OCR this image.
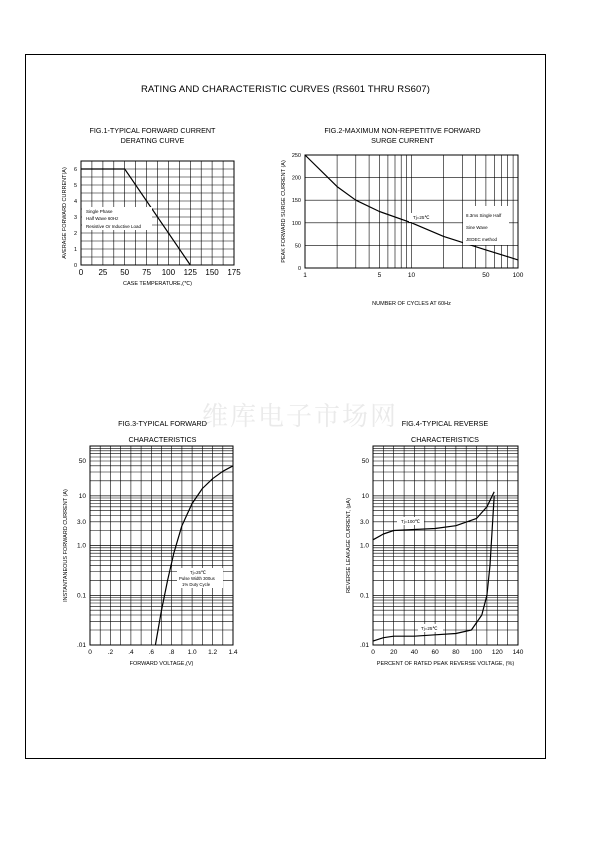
RATING AND CHARACTERISTIC CURVES (RS601 THRU RS607)
维库电子市场网
FIG.1-TYPICAL FORWARD CURRENT
DERATING CURVE
FIG.2-MAXIMUM NON-REPETITIVE FORWARD
SURGE CURRENT
FIG.3-TYPICAL FORWARD
CHARACTERISTICS
FIG.4-TYPICAL REVERSE
CHARACTERISTICS
0 25 50 75 100 125 150 175
0
1
2
3
4
5
6
CASE TEMPERATURE,(℃)
AVERAGE FORWARD CURRENT(A)
1	5	10	50	100
0
50
100
150
200
250
NUMBER OF CYCLES AT 60Hz
PEAK FORWARD SURGE CURRENT (A)
0 .2 .4 .6 .8 1.0 1.2 1.4
.01
0.1
1.0
3.0
10
50
FORWARD VOLTAGE,(V)
INSTANTANEOUS FORWARD CURRENT (A)
0 20 40 60 80 100 120 140
.01
0.1
1.0
3.0
10
50
PERCENT OF RATED PEAK REVERSE VOLTAGE, (%)
REVERSE LEAKAGE CURRENT, (μA)
Single Phase
Half Wave 60Hz
Resistive Or Inductive Load
Tj=25℃	8.3ms Single Half
Sine Wave
JEDEC method
Tj=25℃
Pulse Width 300us
1% Duty Cycle
Tj=100℃
Tj=25℃
